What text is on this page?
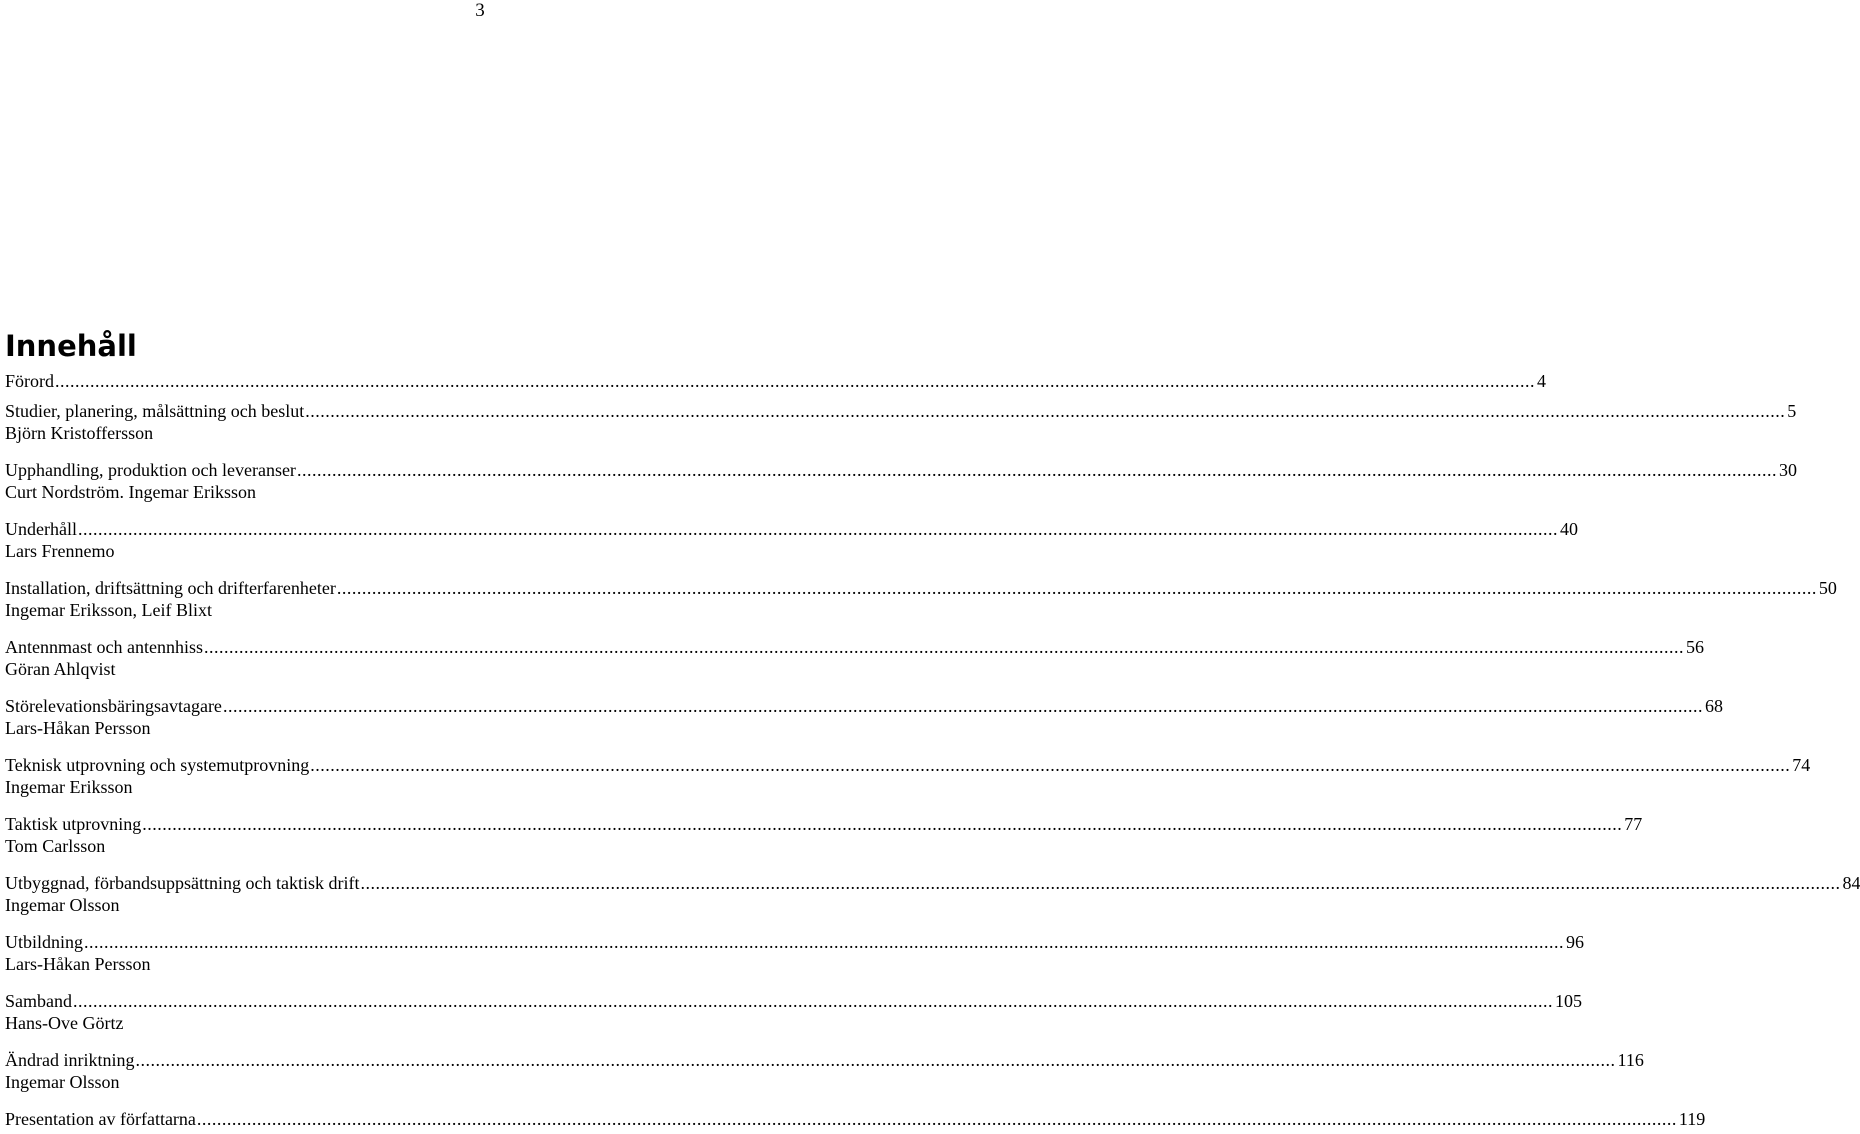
3
Innehåll
Förord .....	4
Studier, planering, målsättning och beslut .....	5
Björn Kristoffersson
Upphandling, produktion och leveranser .....	30
Curt Nordström. Ingemar Eriksson
Underhåll .....	40
Lars Frennemo
Installation, driftsättning och drifterfarenheter .....	50
Ingemar Eriksson, Leif Blixt
Antennmast och antennhiss .....	56
Göran Ahlqvist
Störelevationsbäringsavtagare .....	68
Lars-Håkan Persson
Teknisk utprovning och systemutprovning .....	74
Ingemar Eriksson
Taktisk utprovning .....	77
Tom Carlsson
Utbyggnad, förbandsuppsättning och taktisk drift .....	84
Ingemar Olsson
Utbildning .....	96
Lars-Håkan Persson
Samband .....	105
Hans-Ove Görtz
Ändrad inriktning .....	116
Ingemar Olsson
Presentation av författarna .....	119
